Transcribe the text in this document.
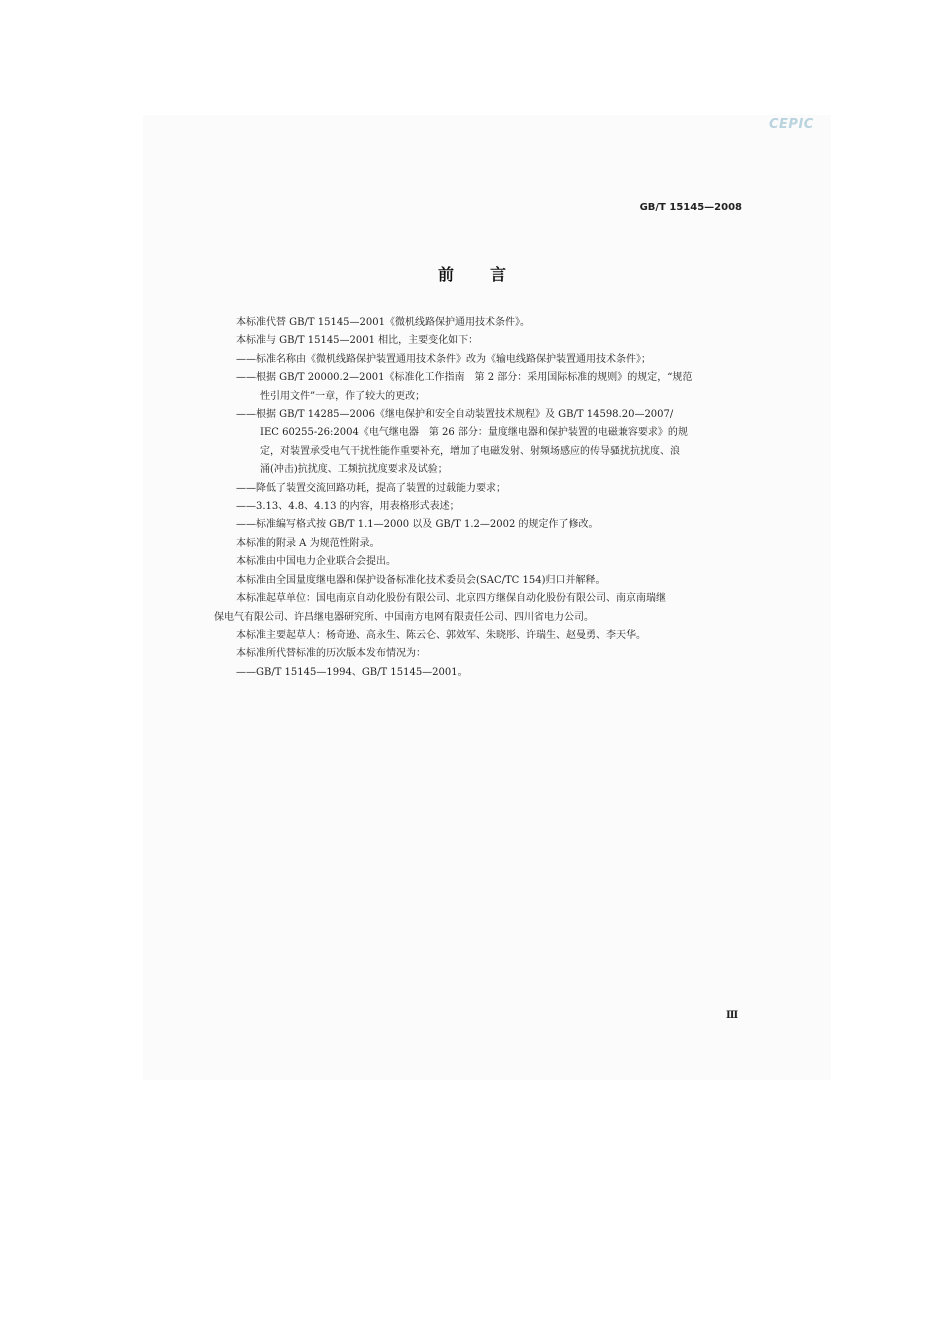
CEPIC
GB/T 15145—2008
前言
本标准代替 GB/T 15145—2001《微机线路保护通用技术条件》。
本标准与 GB/T 15145—2001 相比，主要变化如下：
——标准名称由《微机线路保护装置通用技术条件》改为《输电线路保护装置通用技术条件》；
——根据 GB/T 20000.2—2001《标准化工作指南　第 2 部分：采用国际标准的规则》的规定，“规范
性引用文件”一章，作了较大的更改；
——根据 GB/T 14285—2006《继电保护和安全自动装置技术规程》及 GB/T 14598.20—2007/
IEC 60255-26:2004《电气继电器　第 26 部分：量度继电器和保护装置的电磁兼容要求》的规
定，对装置承受电气干扰性能作重要补充，增加了电磁发射、射频场感应的传导骚扰抗扰度、浪
涌(冲击)抗扰度、工频抗扰度要求及试验；
——降低了装置交流回路功耗，提高了装置的过载能力要求；
——3.13、4.8、4.13 的内容，用表格形式表述；
——标准编写格式按 GB/T 1.1—2000 以及 GB/T 1.2—2002 的规定作了修改。
本标准的附录 A 为规范性附录。
本标准由中国电力企业联合会提出。
本标准由全国量度继电器和保护设备标准化技术委员会(SAC/TC 154)归口并解释。
本标准起草单位：国电南京自动化股份有限公司、北京四方继保自动化股份有限公司、南京南瑞继
保电气有限公司、许昌继电器研究所、中国南方电网有限责任公司、四川省电力公司。
本标准主要起草人：杨奇逊、高永生、陈云仑、郭效军、朱晓彤、许瑞生、赵曼勇、李天华。
本标准所代替标准的历次版本发布情况为：
——GB/T 15145—1994、GB/T 15145—2001。
Ⅲ
